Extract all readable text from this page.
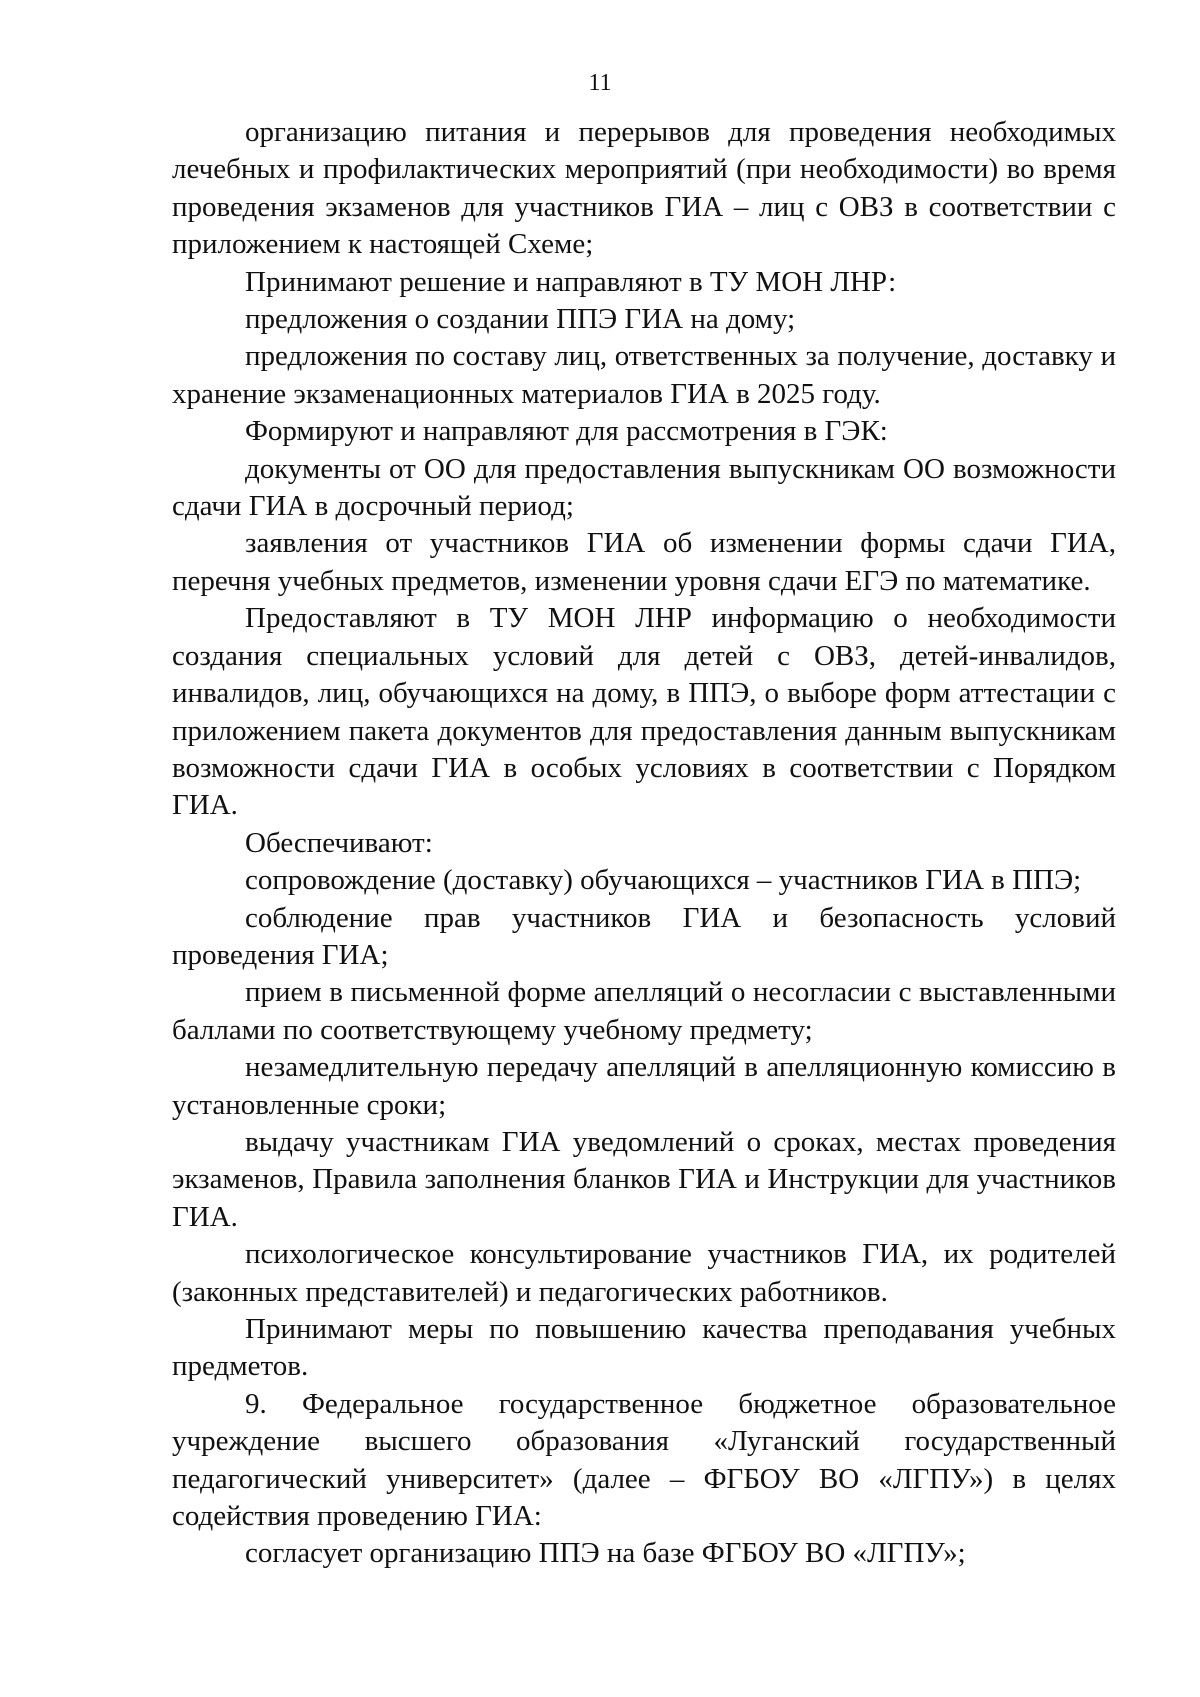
11

организацию питания и перерывов для проведения необходимых лечебных и профилактических мероприятий (при необходимости) во время проведения экзаменов для участников ГИА – лиц с ОВЗ в соответствии с приложением к настоящей Схеме;

Принимают решение и направляют в ТУ МОН ЛНР:

предложения о создании ППЭ ГИА на дому;

предложения по составу лиц, ответственных за получение, доставку и хранение экзаменационных материалов ГИА в 2025 году.

Формируют и направляют для рассмотрения в ГЭК:

документы от ОО для предоставления выпускникам ОО возможности сдачи ГИА в досрочный период;

заявления от участников ГИА об изменении формы сдачи ГИА, перечня учебных предметов, изменении уровня сдачи ЕГЭ по математике.

Предоставляют в ТУ МОН ЛНР информацию о необходимости создания специальных условий для детей с ОВЗ, детей-инвалидов, инвалидов, лиц, обучающихся на дому, в ППЭ, о выборе форм аттестации с приложением пакета документов для предоставления данным выпускникам возможности сдачи ГИА в особых условиях в соответствии с Порядком ГИА.

Обеспечивают:

сопровождение (доставку) обучающихся – участников ГИА в ППЭ;

соблюдение прав участников ГИА и безопасность условий проведения ГИА;

прием в письменной форме апелляций о несогласии с выставленными баллами по соответствующему учебному предмету;

незамедлительную передачу апелляций в апелляционную комиссию в установленные сроки;

выдачу участникам ГИА уведомлений о сроках, местах проведения экзаменов, Правила заполнения бланков ГИА и Инструкции для участников ГИА.

психологическое консультирование участников ГИА, их родителей (законных представителей) и педагогических работников.

Принимают меры по повышению качества преподавания учебных предметов.

9. Федеральное государственное бюджетное образовательное учреждение высшего образования «Луганский государственный педагогический университет» (далее – ФГБОУ ВО «ЛГПУ») в целях содействия проведению ГИА:

согласует организацию ППЭ на базе ФГБОУ ВО «ЛГПУ»;
